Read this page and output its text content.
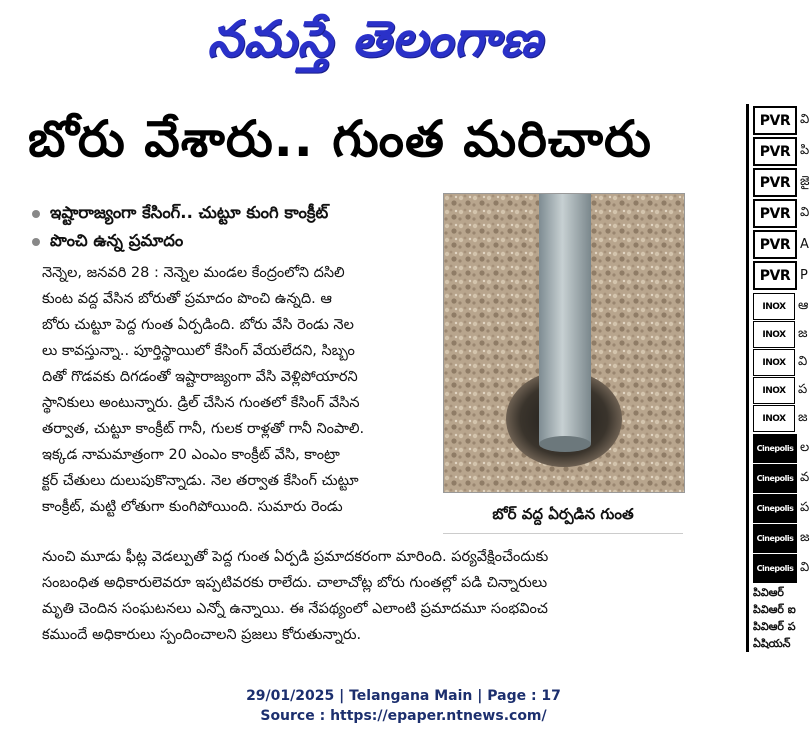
నమస్తే తెలంగాణ
బోరు వేశారు.. గుంత మరిచారు
ఇష్టారాజ్యంగా కేసింగ్.. చుట్టూ కుంగి కాంక్రీట్
పొంచి ఉన్న ప్రమాదం
నెన్నెల, జనవరి 28 : నెన్నెల మండల కేంద్రంలోని దసిలి
కుంట వద్ద వేసిన బోరుతో ప్రమాదం పొంచి ఉన్నది. ఆ
బోరు చుట్టూ పెద్ద గుంత ఏర్పడింది. బోరు వేసి రెండు నెల
లు కావస్తున్నా.. పూర్తిస్థాయిలో కేసింగ్ వేయలేదని, సిబ్బం
దితో గొడవకు దిగడంతో ఇష్టారాజ్యంగా వేసి వెళ్లిపోయారని
స్థానికులు అంటున్నారు. డ్రిల్ చేసిన గుంతలో కేసింగ్ వేసిన
తర్వాత, చుట్టూ కాంక్రీట్ గానీ, గులక రాళ్లతో గానీ నింపాలి.
ఇక్కడ నామమాత్రంగా 20 ఎంఎం కాంక్రీట్ వేసి, కాంట్రా
క్టర్ చేతులు దులుపుకొన్నాడు. నెల తర్వాత కేసింగ్ చుట్టూ
కాంక్రీట్, మట్టి లోతుగా కుంగిపోయింది. సుమారు రెండు

నుంచి మూడు ఫీట్ల వెడల్పుతో పెద్ద గుంత ఏర్పడి ప్రమాదకరంగా మారింది. పర్యవేక్షించేందుకు

సంబంధిత అధికారులెవరూ ఇప్పటివరకు రాలేదు. చాలాచోట్ల బోరు గుంతల్లో పడి చిన్నారులు

మృతి చెందిన సంఘటనలు ఎన్నో ఉన్నాయి. ఈ నేపథ్యంలో ఎలాంటి ప్రమాదమూ సంభవించ

కముందే అధికారులు స్పందించాలని ప్రజలు కోరుతున్నారు.

బోర్ వద్ద ఏర్పడిన గుంత
PVR వి
PVR పి
PVR జై
PVR వి
PVR A
PVR P
INOX ఆ
INOX జ
INOX వి
INOX ప
INOX జ
Cinepolis ల
Cinepolis వ
Cinepolis ప
Cinepolis జ
Cinepolis వి
పివిఆర్
పివిఆర్ ఐ
పివిఆర్ ప
ఏషియన్
29/01/2025 | Telangana Main | Page : 17
Source : https://epaper.ntnews.com/
